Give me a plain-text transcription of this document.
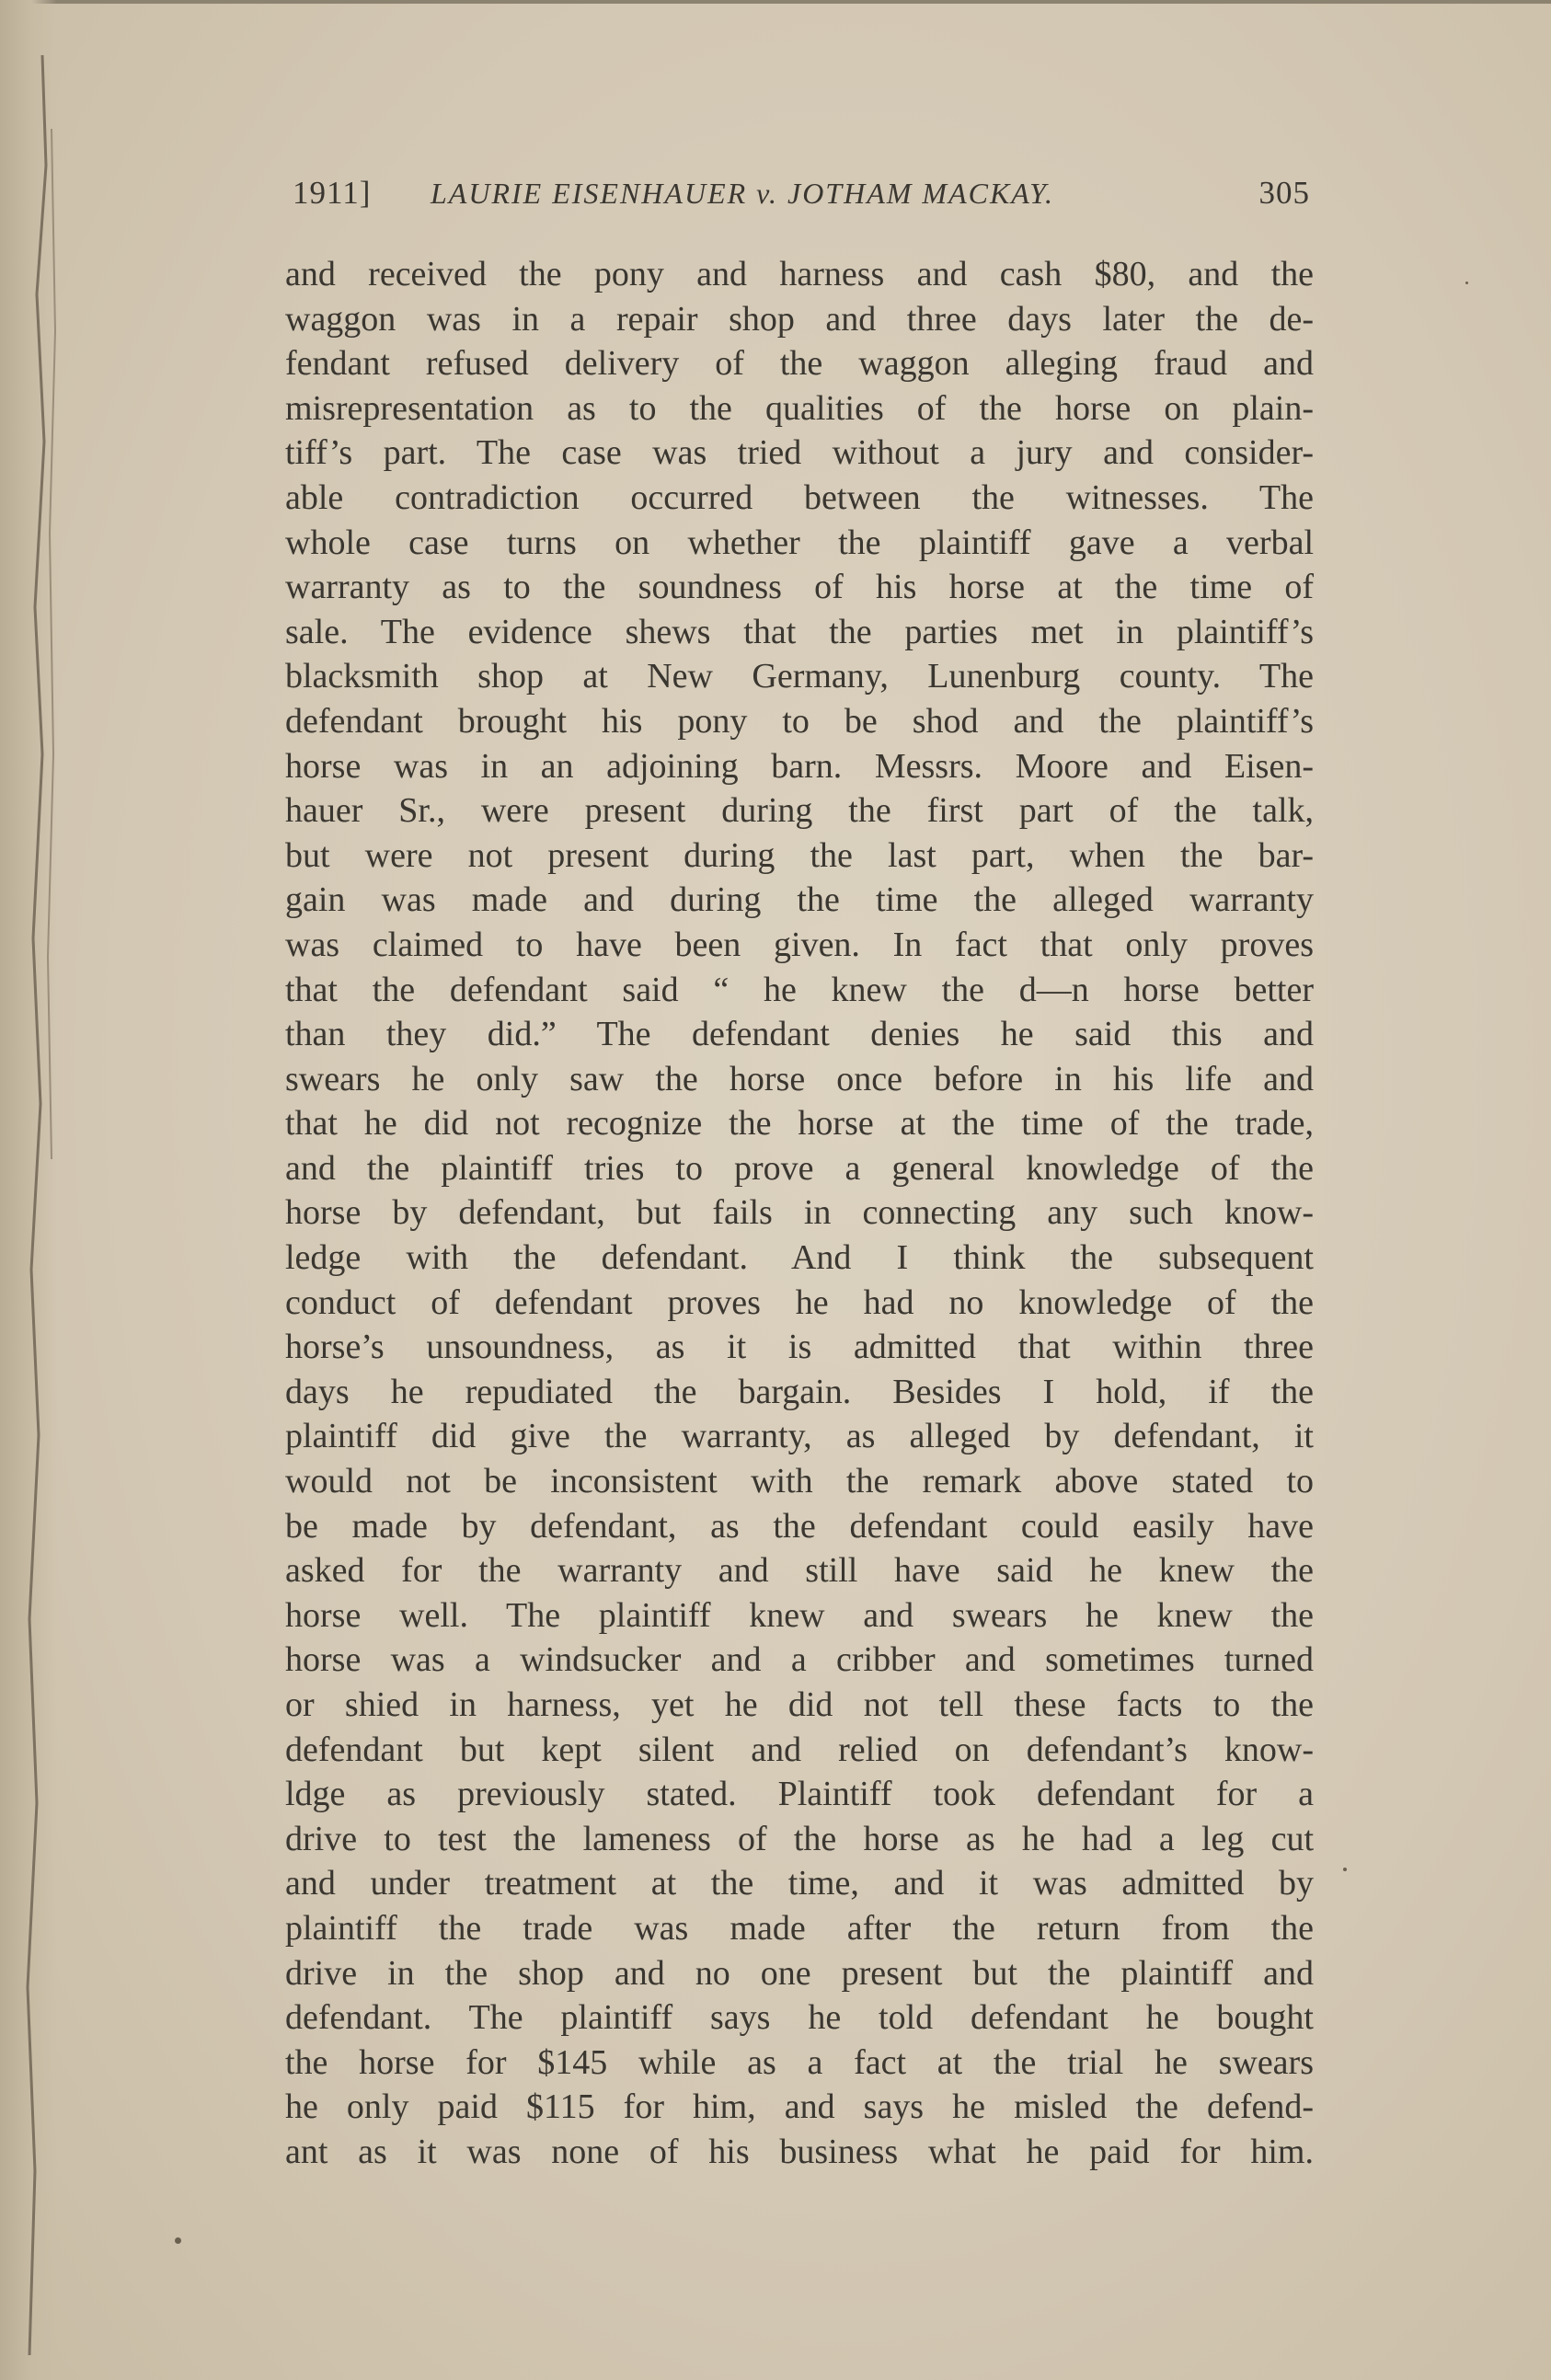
1911] LAURIE EISENHAUER v. JOTHAM MACKAY.	305
and received the pony and harness and cash $80, and the
waggon was in a repair shop and three days later the de-
fendant refused delivery of the waggon alleging fraud and
misrepresentation as to the qualities of the horse on plain-
tiff’s part. The case was tried without a jury and consider-
able contradiction occurred between the witnesses. The
whole case turns on whether the plaintiff gave a verbal
warranty as to the soundness of his horse at the time of
sale. The evidence shews that the parties met in plaintiff’s
blacksmith shop at New Germany, Lunenburg county. The
defendant brought his pony to be shod and the plaintiff’s
horse was in an adjoining barn. Messrs. Moore and Eisen-
hauer Sr., were present during the first part of the talk,
but were not present during the last part, when the bar-
gain was made and during the time the alleged warranty
was claimed to have been given. In fact that only proves
that the defendant said “ he knew the d—n horse better
than they did.” The defendant denies he said this and
swears he only saw the horse once before in his life and
that he did not recognize the horse at the time of the trade,
and the plaintiff tries to prove a general knowledge of the
horse by defendant, but fails in connecting any such know-
ledge with the defendant. And I think the subsequent
conduct of defendant proves he had no knowledge of the
horse’s unsoundness, as it is admitted that within three
days he repudiated the bargain. Besides I hold, if the
plaintiff did give the warranty, as alleged by defendant, it
would not be inconsistent with the remark above stated to
be made by defendant, as the defendant could easily have
asked for the warranty and still have said he knew the
horse well. The plaintiff knew and swears he knew the
horse was a windsucker and a cribber and sometimes turned
or shied in harness, yet he did not tell these facts to the
defendant but kept silent and relied on defendant’s know-
ldge as previously stated. Plaintiff took defendant for a
drive to test the lameness of the horse as he had a leg cut
and under treatment at the time, and it was admitted by
plaintiff the trade was made after the return from the
drive in the shop and no one present but the plaintiff and
defendant. The plaintiff says he told defendant he bought
the horse for $145 while as a fact at the trial he swears
he only paid $115 for him, and says he misled the defend-
ant as it was none of his business what he paid for him.
